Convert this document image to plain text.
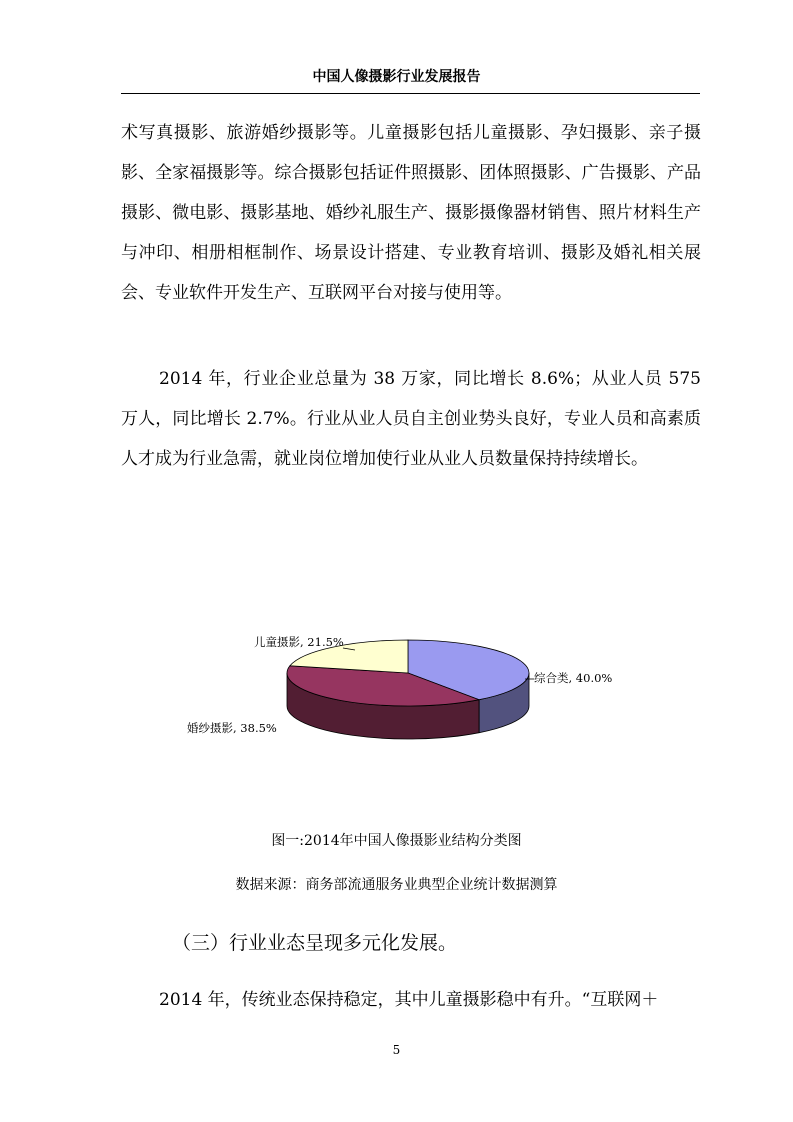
中国人像摄影行业发展报告

术写真摄影、旅游婚纱摄影等。儿童摄影包括儿童摄影、孕妇摄影、亲子摄影、全家福摄影等。综合摄影包括证件照摄影、团体照摄影、广告摄影、产品摄影、微电影、摄影基地、婚纱礼服生产、摄影摄像器材销售、照片材料生产与冲印、相册相框制作、场景设计搭建、专业教育培训、摄影及婚礼相关展会、专业软件开发生产、互联网平台对接与使用等。

2014 年，行业企业总量为 38 万家，同比增长 8.6%；从业人员 575 万人，同比增长 2.7%。行业从业人员自主创业势头良好，专业人员和高素质人才成为行业急需，就业岗位增加使行业从业人员数量保持持续增长。

综合类, 40.0%
婚纱摄影, 38.5%
儿童摄影, 21.5%
图一:2014年中国人像摄影业结构分类图
数据来源：商务部流通服务业典型企业统计数据测算
（三）行业业态呈现多元化发展。

2014 年，传统业态保持稳定，其中儿童摄影稳中有升。“互联网＋

5
